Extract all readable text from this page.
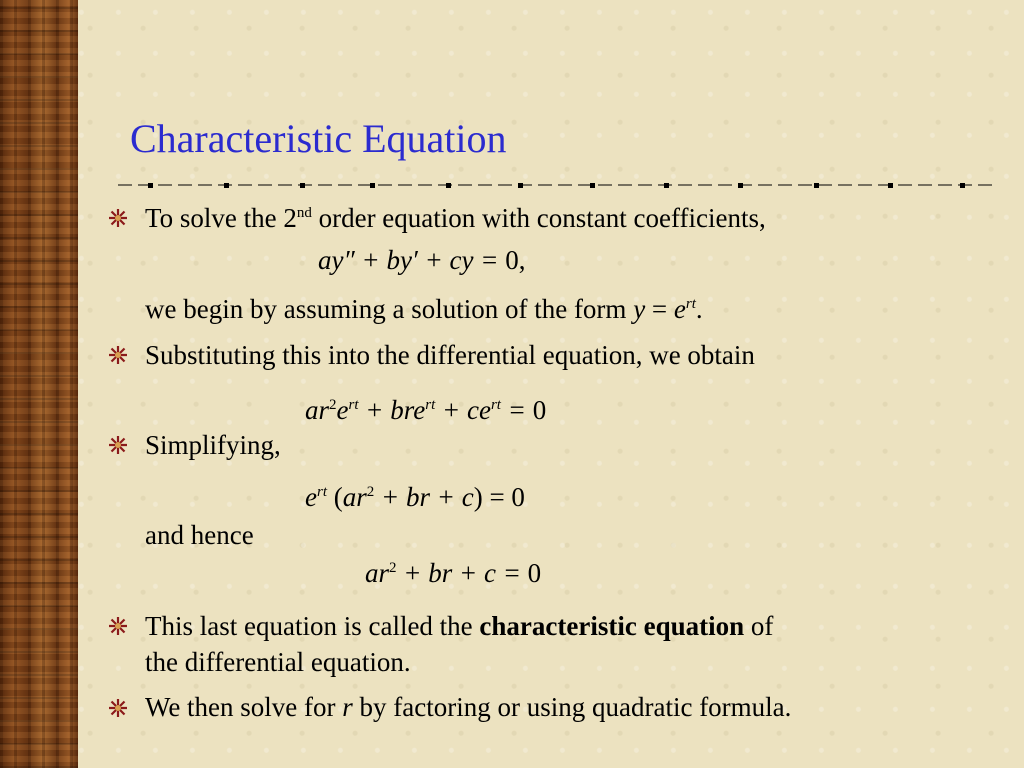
Characteristic Equation
To solve the 2nd order equation with constant coefficients,
ay″ + by′ + cy = 0,
we begin by assuming a solution of the form $y = e^{rt}$.
Substituting this into the differential equation, we obtain
$ar^2e^{rt} + bre^{rt} + ce^{rt} = 0$
Simplifying,
$e^{rt}$ ($ar^2$ + br + c) = 0
and hence
$ar^2$ + br + c = 0
This last equation is called the characteristic equation of
the differential equation.
We then solve for r by factoring or using quadratic formula.
